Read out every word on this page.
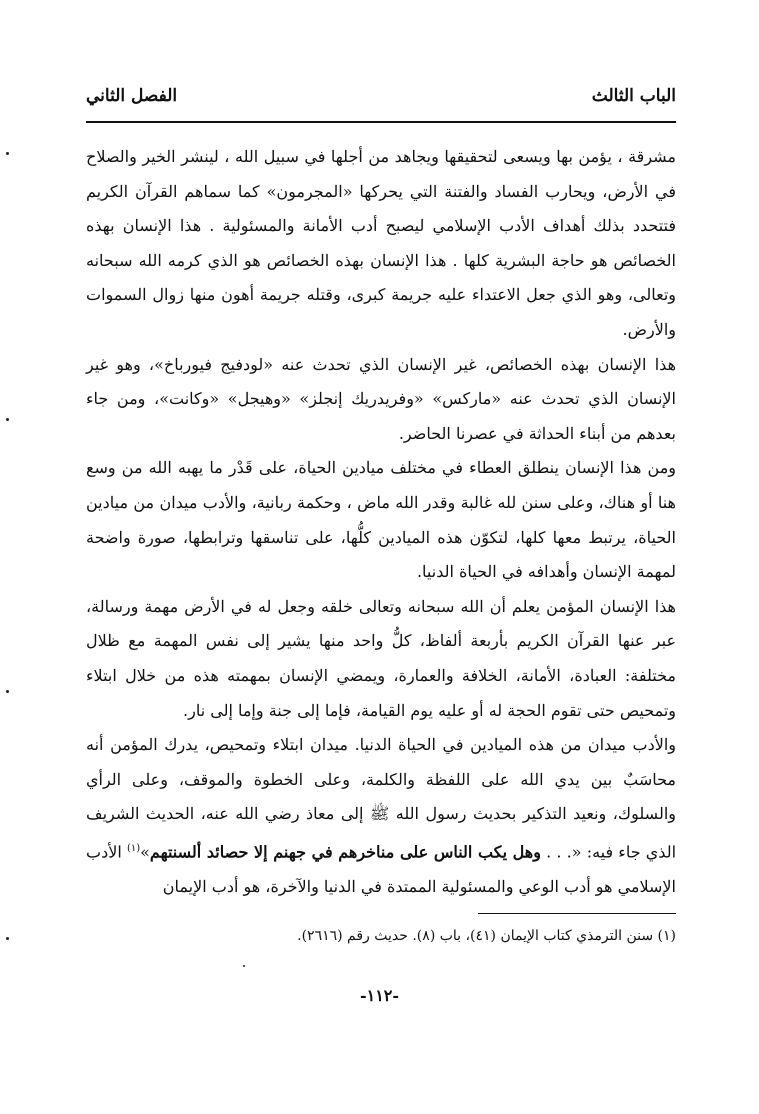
الباب الثالث
الفصل الثاني

مشرقة ، يؤمن بها ويسعى لتحقيقها ويجاهد من أجلها في سبيل الله ، لينشر الخير والصلاح في الأرض، ويحارب الفساد والفتنة التي يحركها «المجرمون» كما سماهم القرآن الكريم فتتحدد بذلك أهداف الأدب الإسلامي ليصبح أدب الأمانة والمسئولية . هذا الإنسان بهذه الخصائص هو حاجة البشرية كلها . هذا الإنسان بهذه الخصائص هو الذي كرمه الله سبحانه وتعالى، وهو الذي جعل الاعتداء عليه جريمة كبرى، وقتله جريمة أهون منها زوال السموات والأرض.

هذا الإنسان بهذه الخصائص، غير الإنسان الذي تحدث عنه «لودفيج فيورباخ»، وهو غير الإنسان الذي تحدث عنه «ماركس» «وفريدريك إنجلز» «وهيجل» «وكانت»، ومن جاء بعدهم من أبناء الحداثة في عصرنا الحاضر.

ومن هذا الإنسان ينطلق العطاء في مختلف ميادين الحياة، على قَدْر ما يهبه الله من وسع هنا أو هناك، وعلى سنن لله غالبة وقدر الله ماض ، وحكمة ربانية، والأدب ميدان من ميادين الحياة، يرتبط معها كلها، لتكوّن هذه الميادين كلُّها، على تناسقها وترابطها، صورة واضحة لمهمة الإنسان وأهدافه في الحياة الدنيا.

هذا الإنسان المؤمن يعلم أن الله سبحانه وتعالى خلقه وجعل له في الأرض مهمة ورسالة، عبر عنها القرآن الكريم بأربعة ألفاظ، كلُّ واحد منها يشير إلى نفس المهمة مع ظلال مختلفة: العبادة، الأمانة، الخلافة والعمارة، ويمضي الإنسان بمهمته هذه من خلال ابتلاء وتمحيص حتى تقوم الحجة له أو عليه يوم القيامة، فإما إلى جنة وإما إلى نار.

والأدب ميدان من هذه الميادين في الحياة الدنيا. ميدان ابتلاء وتمحيص، يدرك المؤمن أنه محاسَبٌ بين يدي الله على اللفظة والكلمة، وعلى الخطوة والموقف، وعلى الرأي والسلوك، ونعيد التذكير بحديث رسول الله ﷺ إلى معاذ رضي الله عنه، الحديث الشريف الذي جاء فيه: «. . . وهل يكب الناس على مناخرهم في جهنم إلا حصائد ألسنتهم»$^{(١)}$ الأدب الإسلامي هو أدب الوعي والمسئولية الممتدة في الدنيا والآخرة، هو أدب الإيمان

(١) سنن الترمذي كتاب الإيمان (٤١)، باب (٨). حديث رقم (٢٦١٦).
-١١٢-
